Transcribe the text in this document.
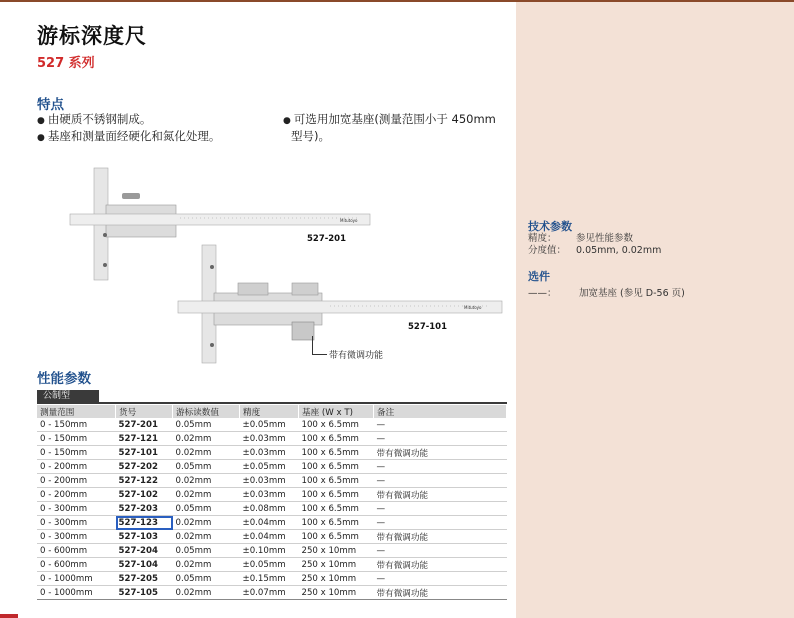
游标深度尺
527 系列
特点
● 由硬质不锈钢制成。
● 基座和测量面经硬化和氮化处理。
● 可选用加宽基座(测量范围小于 450mm
型号)。
Mitutoyo
Mitutoyo
527-201
527-101
带有微调功能
技术参数
精度：	参见性能参数
分度值：	0.05mm, 0.02mm
选件
——： 加宽基座 (参见 D-56 页)
性能参数
公制型
测量范围	货号	游标读数值	精度	基座 (W x T)	备注
0 - 150mm	527-201	0.05mm	±0.05mm	100 x 6.5mm	—
0 - 150mm	527-121	0.02mm	±0.03mm	100 x 6.5mm	—
0 - 150mm	527-101	0.02mm	±0.03mm	100 x 6.5mm	带有微调功能
0 - 200mm	527-202	0.05mm	±0.05mm	100 x 6.5mm	—
0 - 200mm	527-122	0.02mm	±0.03mm	100 x 6.5mm	—
0 - 200mm	527-102	0.02mm	±0.03mm	100 x 6.5mm	带有微调功能
0 - 300mm	527-203	0.05mm	±0.08mm	100 x 6.5mm	—
0 - 300mm	527-123	0.02mm	±0.04mm	100 x 6.5mm	—
0 - 300mm	527-103	0.02mm	±0.04mm	100 x 6.5mm	带有微调功能
0 - 600mm	527-204	0.05mm	±0.10mm	250 x 10mm	—
0 - 600mm	527-104	0.02mm	±0.05mm	250 x 10mm	带有微调功能
0 - 1000mm	527-205	0.05mm	±0.15mm	250 x 10mm	—
0 - 1000mm	527-105	0.02mm	±0.07mm	250 x 10mm	带有微调功能
